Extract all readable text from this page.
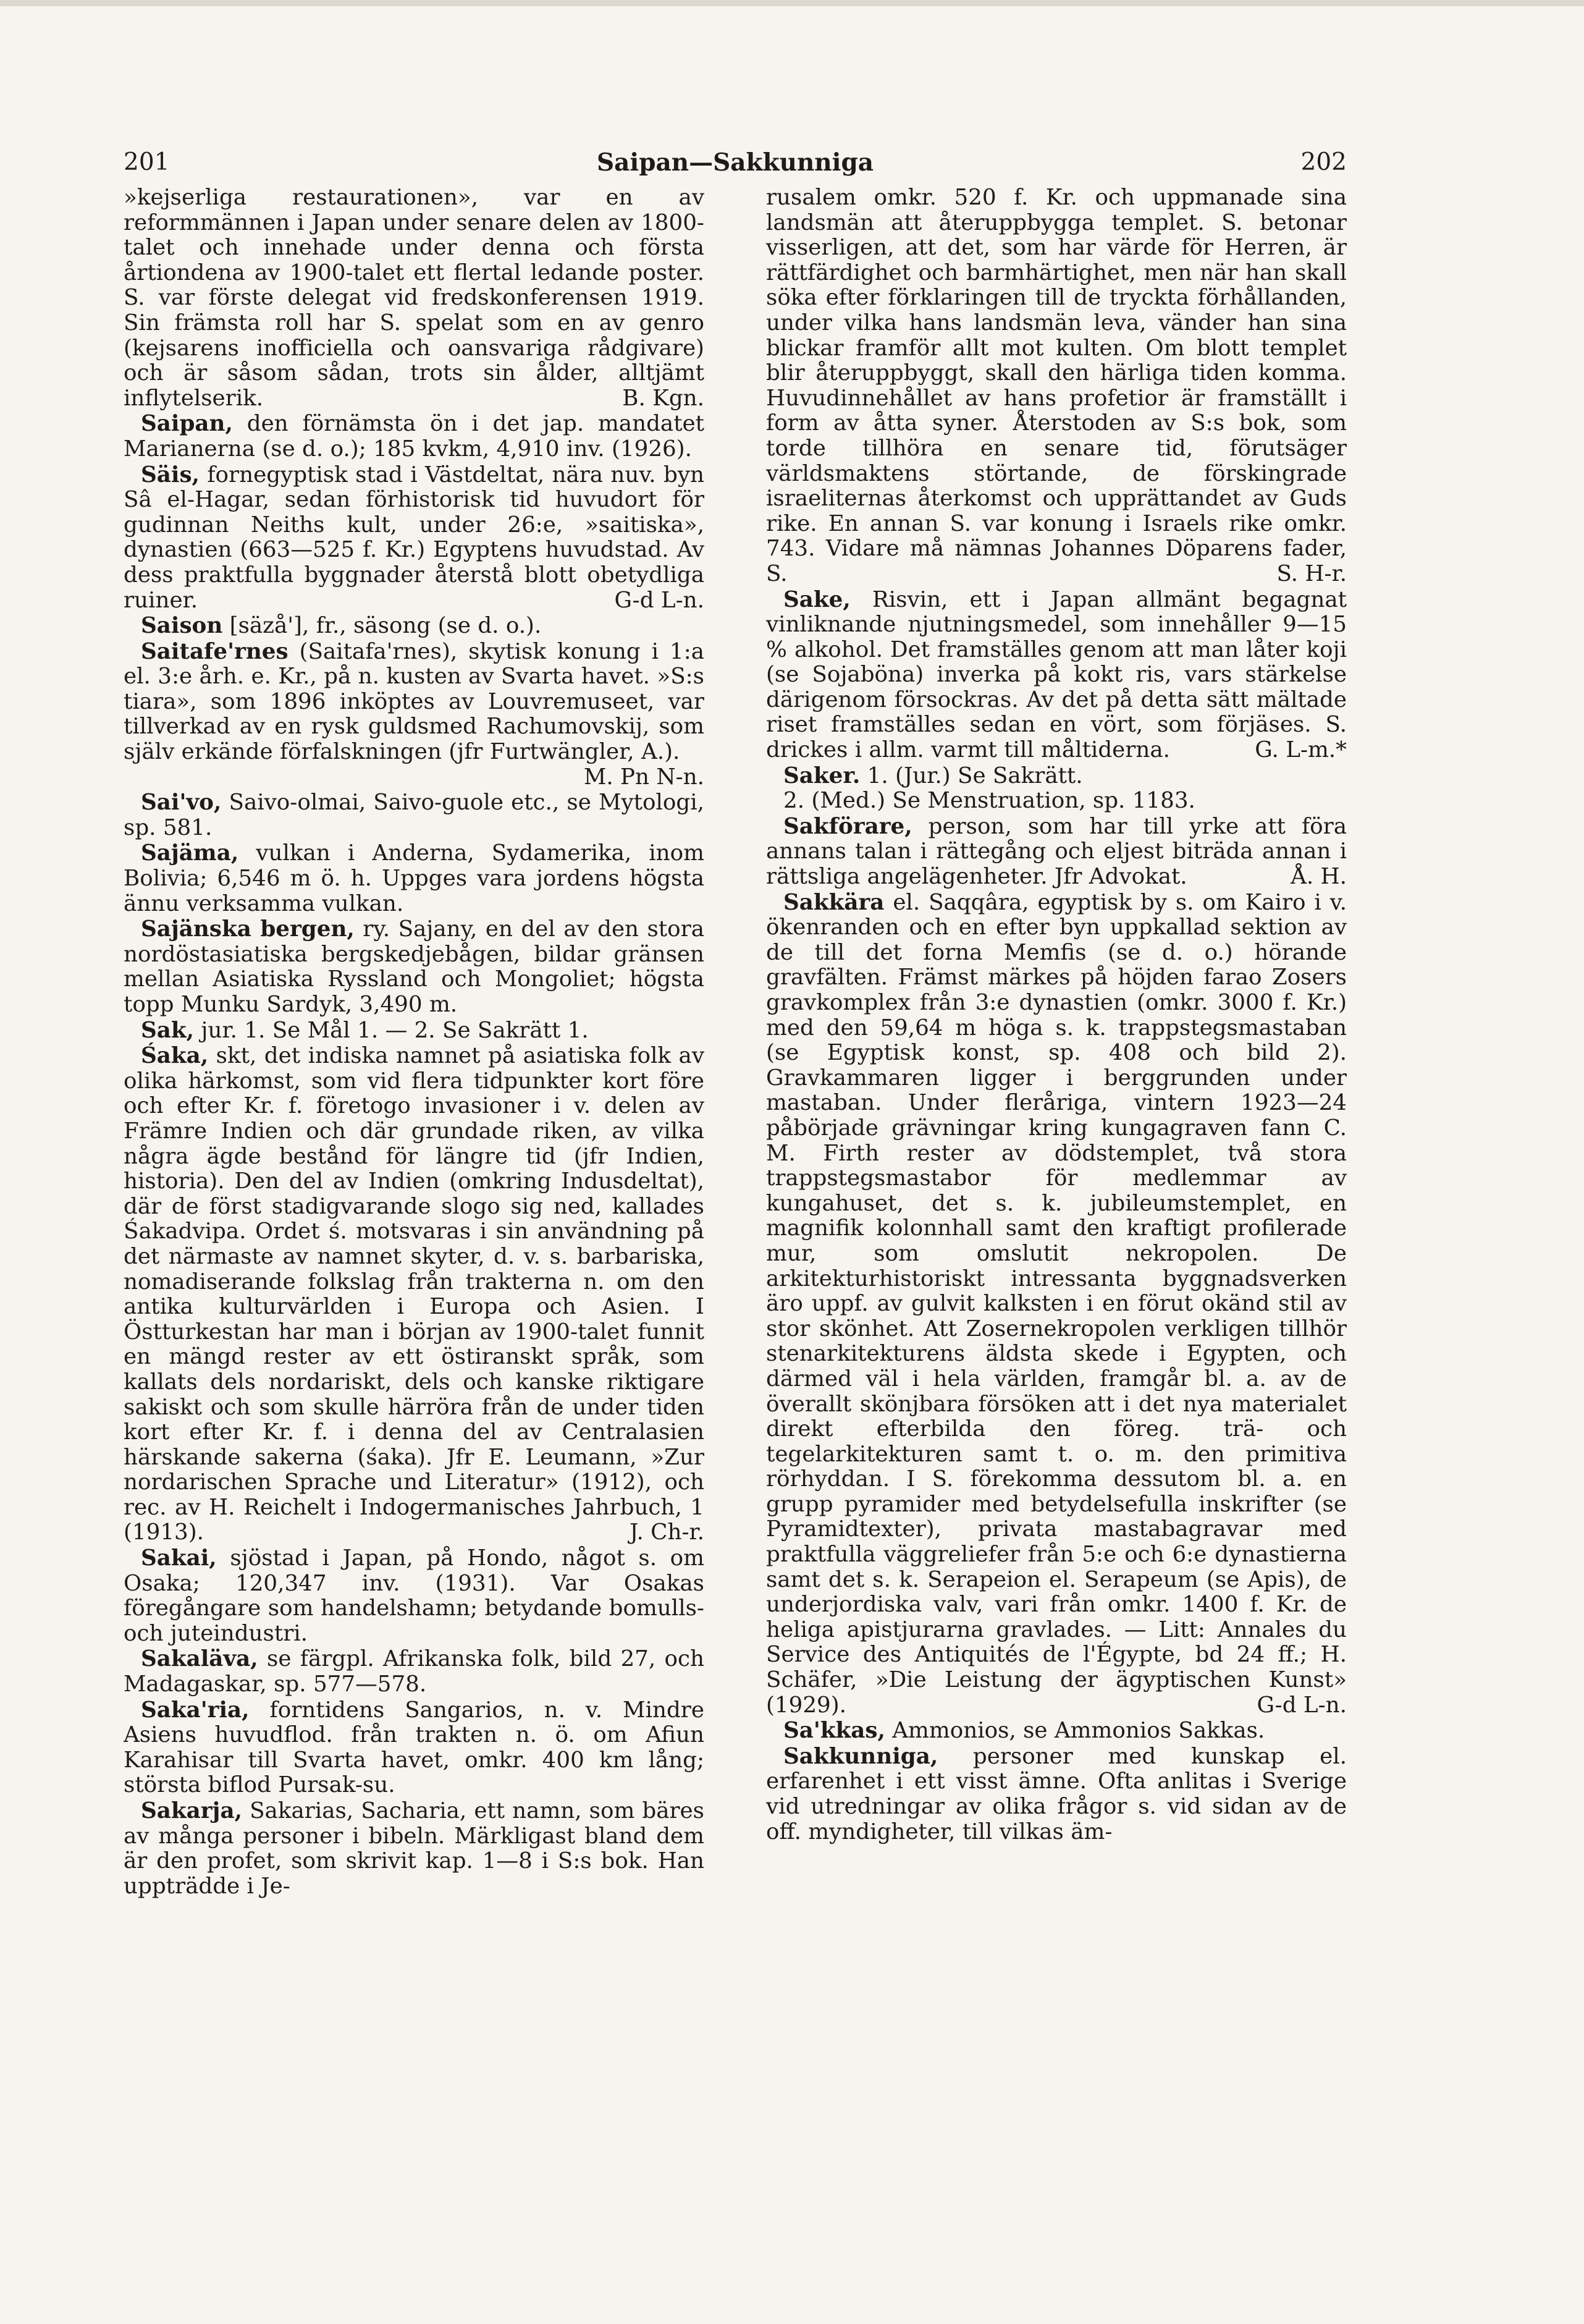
201	Saipan—Sakkunniga	202

»kejserliga restaurationen», var en av reformmännen i Japan under senare delen av 1800-talet och innehade under denna och första årtiondena av 1900-talet ett flertal ledande poster. S. var förste delegat vid fredskonferensen 1919. Sin främsta roll har S. spelat som en av genro (kejsarens inofficiella och oansvariga rådgivare) och är såsom sådan, trots sin ålder, alltjämt inflytelserik.	B. Kgn.

Saipan, den förnämsta ön i det jap. mandatet Marianerna (se d. o.); 185 kvkm, 4,910 inv. (1926).

Säis, fornegyptisk stad i Västdeltat, nära nuv. byn Sâ el-Hagar, sedan förhistorisk tid huvudort för gudinnan Neiths kult, under 26:e, »saitiska», dynastien (663—525 f. Kr.) Egyptens huvudstad. Av dess praktfulla byggnader återstå blott obetydliga ruiner.	G-d L-n.

Saison [säzå'], fr., säsong (se d. o.).

Saitafe'rnes (Saitafa'rnes), skytisk konung i 1:a el. 3:e årh. e. Kr., på n. kusten av Svarta havet. »S:s tiara», som 1896 inköptes av Louvremuseet, var tillverkad av en rysk guldsmed Rachumovskij, som själv erkände förfalskningen (jfr Furtwängler, A.).
M. Pn N-n.

Sai'vo, Saivo-olmai, Saivo-guole etc., se Mytologi, sp. 581.

Sajäma, vulkan i Anderna, Sydamerika, inom Bolivia; 6,546 m ö. h. Uppges vara jordens högsta ännu verksamma vulkan.

Sajänska bergen, ry. Sajany, en del av den stora nordöstasiatiska bergskedjebågen, bildar gränsen mellan Asiatiska Ryssland och Mongoliet; högsta topp Munku Sardyk, 3,490 m.

Sak, jur. 1. Se Mål 1. — 2. Se Sakrätt 1.

Śaka, skt, det indiska namnet på asiatiska folk av olika härkomst, som vid flera tidpunkter kort före och efter Kr. f. företogo invasioner i v. delen av Främre Indien och där grundade riken, av vilka några ägde bestånd för längre tid (jfr Indien, historia). Den del av Indien (omkring Indusdeltat), där de först stadigvarande slogo sig ned, kallades Śakadvipa. Ordet ś. motsvaras i sin användning på det närmaste av namnet skyter, d. v. s. barbariska, nomadiserande folkslag från trakterna n. om den antika kulturvärlden i Europa och Asien. I Östturkestan har man i början av 1900-talet funnit en mängd rester av ett östiranskt språk, som kallats dels nordariskt, dels och kanske riktigare sakiskt och som skulle härröra från de under tiden kort efter Kr. f. i denna del av Centralasien härskande sakerna (śaka). Jfr E. Leumann, »Zur nordarischen Sprache und Literatur» (1912), och rec. av H. Reichelt i Indogermanisches Jahrbuch, 1 (1913).	J. Ch-r.

Sakai, sjöstad i Japan, på Hondo, något s. om Osaka; 120,347 inv. (1931). Var Osakas föregångare som handelshamn; betydande bomulls- och juteindustri.

Sakaläva, se färgpl. Afrikanska folk, bild 27, och Madagaskar, sp. 577—578.

Saka'ria, forntidens Sangarios, n. v. Mindre Asiens huvudflod. från trakten n. ö. om Afiun Karahisar till Svarta havet, omkr. 400 km lång; största biflod Pursak-su.

Sakarja, Sakarias, Sacharia, ett namn, som bäres av många personer i bibeln. Märkligast bland dem är den profet, som skrivit kap. 1—8 i S:s bok. Han uppträdde i Je-

rusalem omkr. 520 f. Kr. och uppmanade sina landsmän att återuppbygga templet. S. betonar visserligen, att det, som har värde för Herren, är rättfärdighet och barmhärtighet, men när han skall söka efter förklaringen till de tryckta förhållanden, under vilka hans landsmän leva, vänder han sina blickar framför allt mot kulten. Om blott templet blir återuppbyggt, skall den härliga tiden komma. Huvudinnehållet av hans profetior är framställt i form av åtta syner. Återstoden av S:s bok, som torde tillhöra en senare tid, förutsäger världsmaktens störtande, de förskingrade israeliternas återkomst och upprättandet av Guds rike. En annan S. var konung i Israels rike omkr. 743. Vidare må nämnas Johannes Döparens fader, S.	S. H-r.

Sake, Risvin, ett i Japan allmänt begagnat vinliknande njutningsmedel, som innehåller 9—15 % alkohol. Det framställes genom att man låter koji (se Sojaböna) inverka på kokt ris, vars stärkelse därigenom försockras. Av det på detta sätt mältade riset framställes sedan en vört, som förjäses. S. drickes i allm. varmt till måltiderna.	G. L-m.*

Saker. 1. (Jur.) Se Sakrätt.

2. (Med.) Se Menstruation, sp. 1183.

Sakförare, person, som har till yrke att föra annans talan i rättegång och eljest biträda annan i rättsliga angelägenheter. Jfr Advokat.	Å. H.

Sakkära el. Saqqâra, egyptisk by s. om Kairo i v. ökenranden och en efter byn uppkallad sektion av de till det forna Memfis (se d. o.) hörande gravfälten. Främst märkes på höjden farao Zosers gravkomplex från 3:e dynastien (omkr. 3000 f. Kr.) med den 59,64 m höga s. k. trappstegsmastaban (se Egyptisk konst, sp. 408 och bild 2). Gravkammaren ligger i berggrunden under mastaban. Under fleråriga, vintern 1923—24 påbörjade grävningar kring kungagraven fann C. M. Firth rester av dödstemplet, två stora trappstegsmastabor för medlemmar av kungahuset, det s. k. jubileumstemplet, en magnifik kolonnhall samt den kraftigt profilerade mur, som omslutit nekropolen. De arkitekturhistoriskt intressanta byggnadsverken äro uppf. av gulvit kalksten i en förut okänd stil av stor skönhet. Att Zosernekropolen verkligen tillhör stenarkitekturens äldsta skede i Egypten, och därmed väl i hela världen, framgår bl. a. av de överallt skönjbara försöken att i det nya materialet direkt efterbilda den föreg. trä- och tegelarkitekturen samt t. o. m. den primitiva rörhyddan. I S. förekomma dessutom bl. a. en grupp pyramider med betydelsefulla inskrifter (se Pyramidtexter), privata mastabagravar med praktfulla väggreliefer från 5:e och 6:e dynastierna samt det s. k. Serapeion el. Serapeum (se Apis), de underjordiska valv, vari från omkr. 1400 f. Kr. de heliga apistjurarna gravlades. — Litt: Annales du Service des Antiquités de l'Égypte, bd 24 ff.; H. Schäfer, »Die Leistung der ägyptischen Kunst» (1929).	G-d L-n.

Sa'kkas, Ammonios, se Ammonios Sakkas.

Sakkunniga, personer med kunskap el. erfarenhet i ett visst ämne. Ofta anlitas i Sverige vid utredningar av olika frågor s. vid sidan av de off. myndigheter, till vilkas äm-
